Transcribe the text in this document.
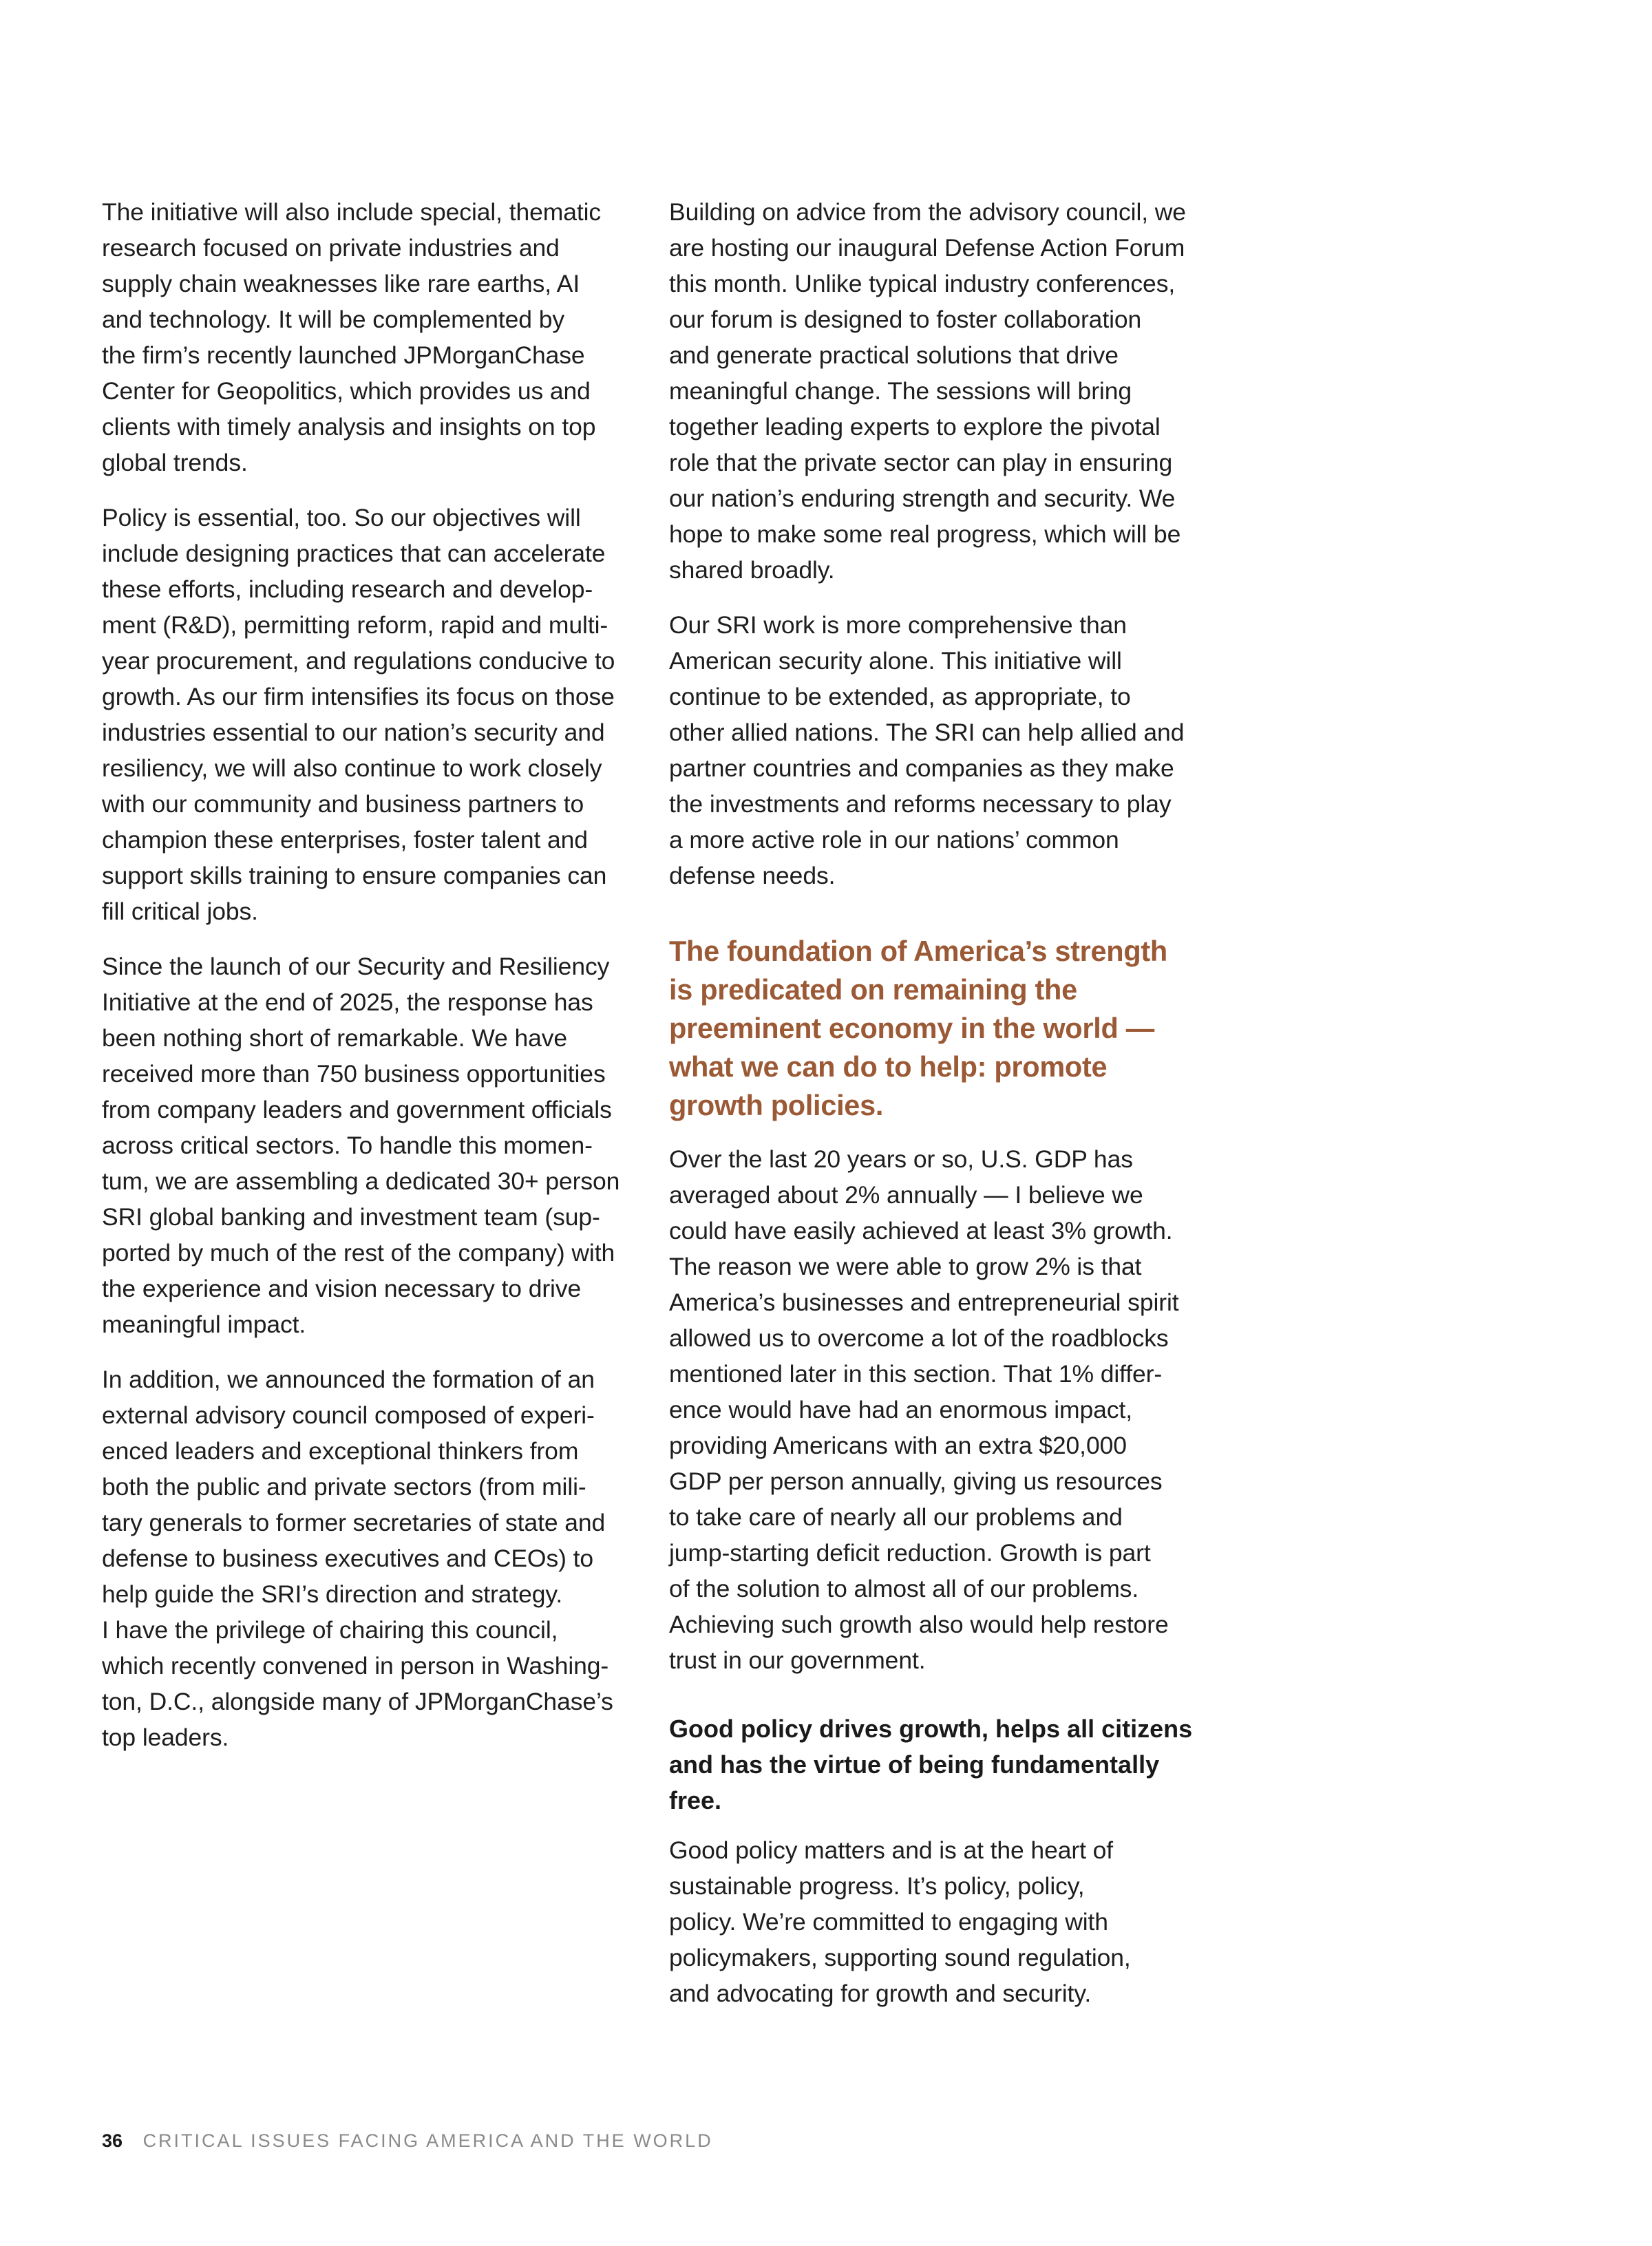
The initiative will also include special, thematic
research focused on private industries and
supply chain weaknesses like rare earths, AI
and technology. It will be complemented by
the firm’s recently launched JPMorganChase
Center for Geopolitics, which provides us and
clients with timely analysis and insights on top
global trends.

Policy is essential, too. So our objectives will
include designing practices that can accelerate
these efforts, including research and develop-
ment (R&D), permitting reform, rapid and multi-
year procurement, and regulations conducive to
growth. As our firm intensifies its focus on those
industries essential to our nation’s security and
resiliency, we will also continue to work closely
with our community and business partners to
champion these enterprises, foster talent and
support skills training to ensure companies can
fill critical jobs.

Since the launch of our Security and Resiliency
Initiative at the end of 2025, the response has
been nothing short of remarkable. We have
received more than 750 business opportunities
from company leaders and government officials
across critical sectors. To handle this momen-
tum, we are assembling a dedicated 30+ person
SRI global banking and investment team (sup-
ported by much of the rest of the company) with
the experience and vision necessary to drive
meaningful impact.

In addition, we announced the formation of an
external advisory council composed of experi-
enced leaders and exceptional thinkers from
both the public and private sectors (from mili-
tary generals to former secretaries of state and
defense to business executives and CEOs) to
help guide the SRI’s direction and strategy.
I have the privilege of chairing this council,
which recently convened in person in Washing-
ton, D.C., alongside many of JPMorganChase’s
top leaders.

Building on advice from the advisory council, we
are hosting our inaugural Defense Action Forum
this month. Unlike typical industry conferences,
our forum is designed to foster collaboration
and generate practical solutions that drive
meaningful change. The sessions will bring
together leading experts to explore the pivotal
role that the private sector can play in ensuring
our nation’s enduring strength and security. We
hope to make some real progress, which will be
shared broadly.

Our SRI work is more comprehensive than
American security alone. This initiative will
continue to be extended, as appropriate, to
other allied nations. The SRI can help allied and
partner countries and companies as they make
the investments and reforms necessary to play
a more active role in our nations’ common
defense needs.

The foundation of America’s strength
is predicated on remaining the
preeminent economy in the world —
what we can do to help: promote
growth policies.

Over the last 20 years or so, U.S. GDP has
averaged about 2% annually — I believe we
could have easily achieved at least 3% growth.
The reason we were able to grow 2% is that
America’s businesses and entrepreneurial spirit
allowed us to overcome a lot of the roadblocks
mentioned later in this section. That 1% differ-
ence would have had an enormous impact,
providing Americans with an extra $20,000
GDP per person annually, giving us resources
to take care of nearly all our problems and
jump-starting deficit reduction. Growth is part
of the solution to almost all of our problems.
Achieving such growth also would help restore
trust in our government.

Good policy drives growth, helps all citizens
and has the virtue of being fundamentally
free.

Good policy matters and is at the heart of
sustainable progress. It’s policy, policy,
policy. We’re committed to engaging with
policymakers, supporting sound regulation,
and advocating for growth and security.

36 CRITICAL ISSUES FACING AMERICA AND THE WORLD
